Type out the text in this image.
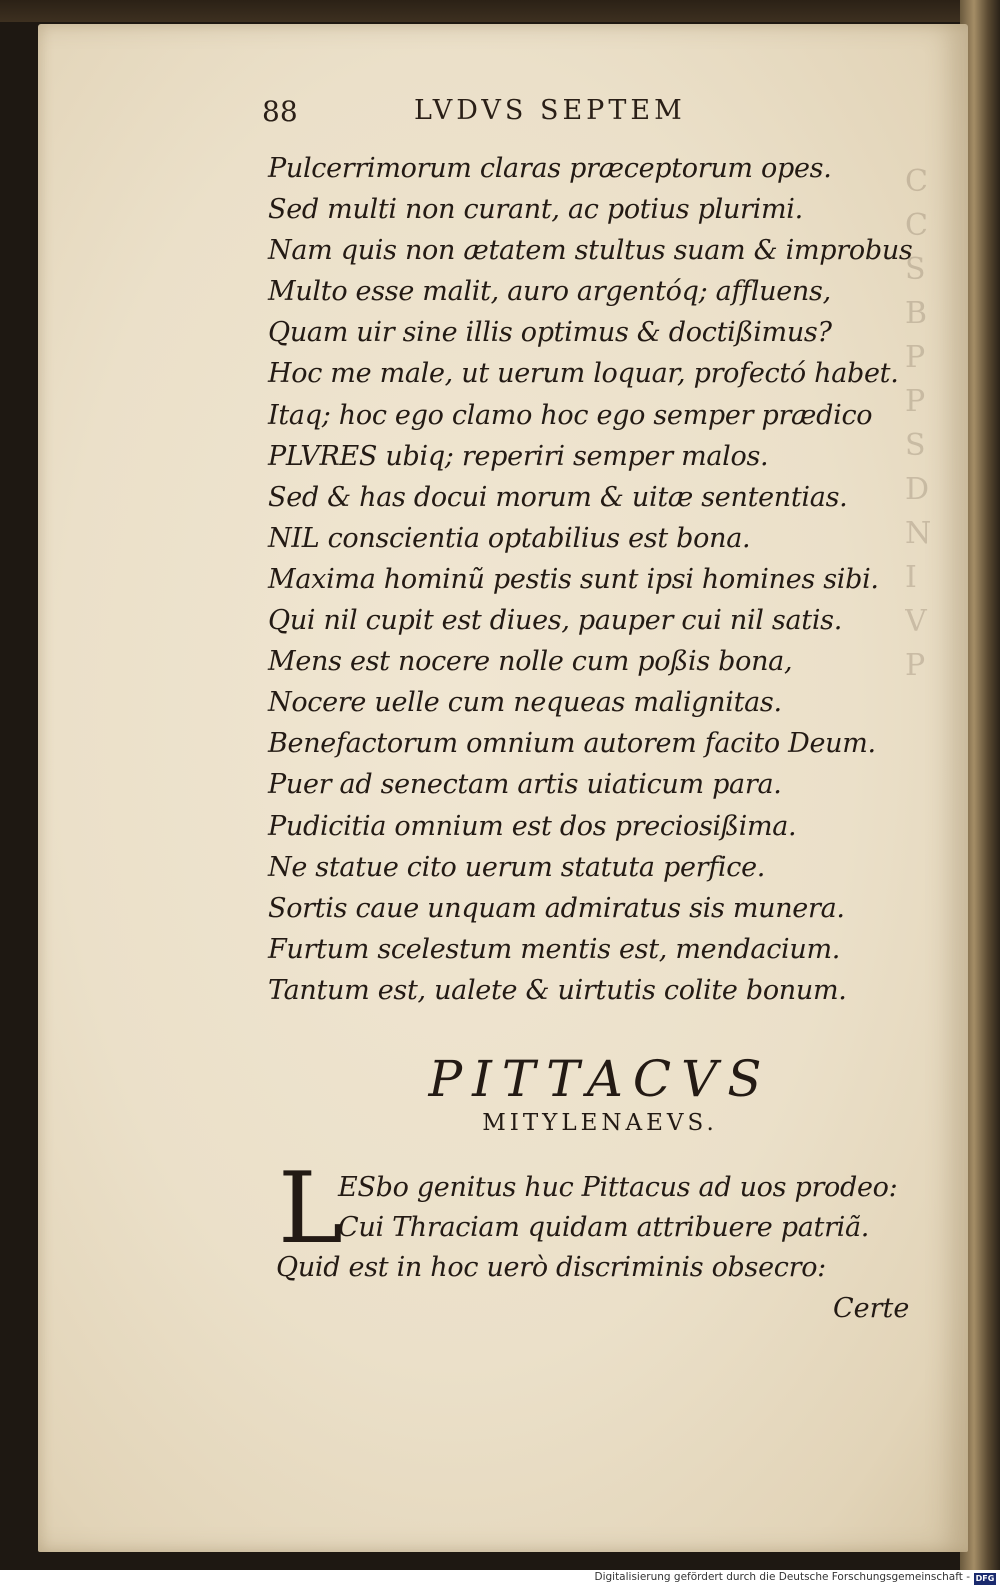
C
C
S
B
P
P
S
D
N
I
V
P
88	LVDVS SEPTEM
Pulcerrimorum claras præceptorum opes.
Sed multi non curant, ac potius plurimi.
Nam quis non ætatem stultus suam & improbus
Multo esse malit, auro argentóq; affluens,
Quam uir sine illis optimus & doctißimus?
Hoc me male, ut uerum loquar, profectó habet.
Itaq; hoc ego clamo hoc ego semper prædico
PLVRES ubiq; reperiri semper malos.
Sed & has docui morum & uitæ sententias.
NIL conscientia optabilius est bona.
Maxima hominũ pestis sunt ipsi homines sibi.
Qui nil cupit est diues, pauper cui nil satis.
Mens est nocere nolle cum poßis bona,
Nocere uelle cum nequeas malignitas.
Benefactorum omnium autorem facito Deum.
Puer ad senectam artis uiaticum para.
Pudicitia omnium est dos preciosißima.
Ne statue cito uerum statuta perfice.
Sortis caue unquam admiratus sis munera.
Furtum scelestum mentis est, mendacium.
Tantum est, ualete & uirtutis colite bonum.
PITTACVS
MITYLENAEVS.
L
ESbo genitus huc Pittacus ad uos prodeo:
Cui Thraciam quidam attribuere patriã.
Quid est in hoc uerò discriminis obsecro:
Certe
Digitalisierung gefördert durch die Deutsche Forschungsgemeinschaft - DFG
